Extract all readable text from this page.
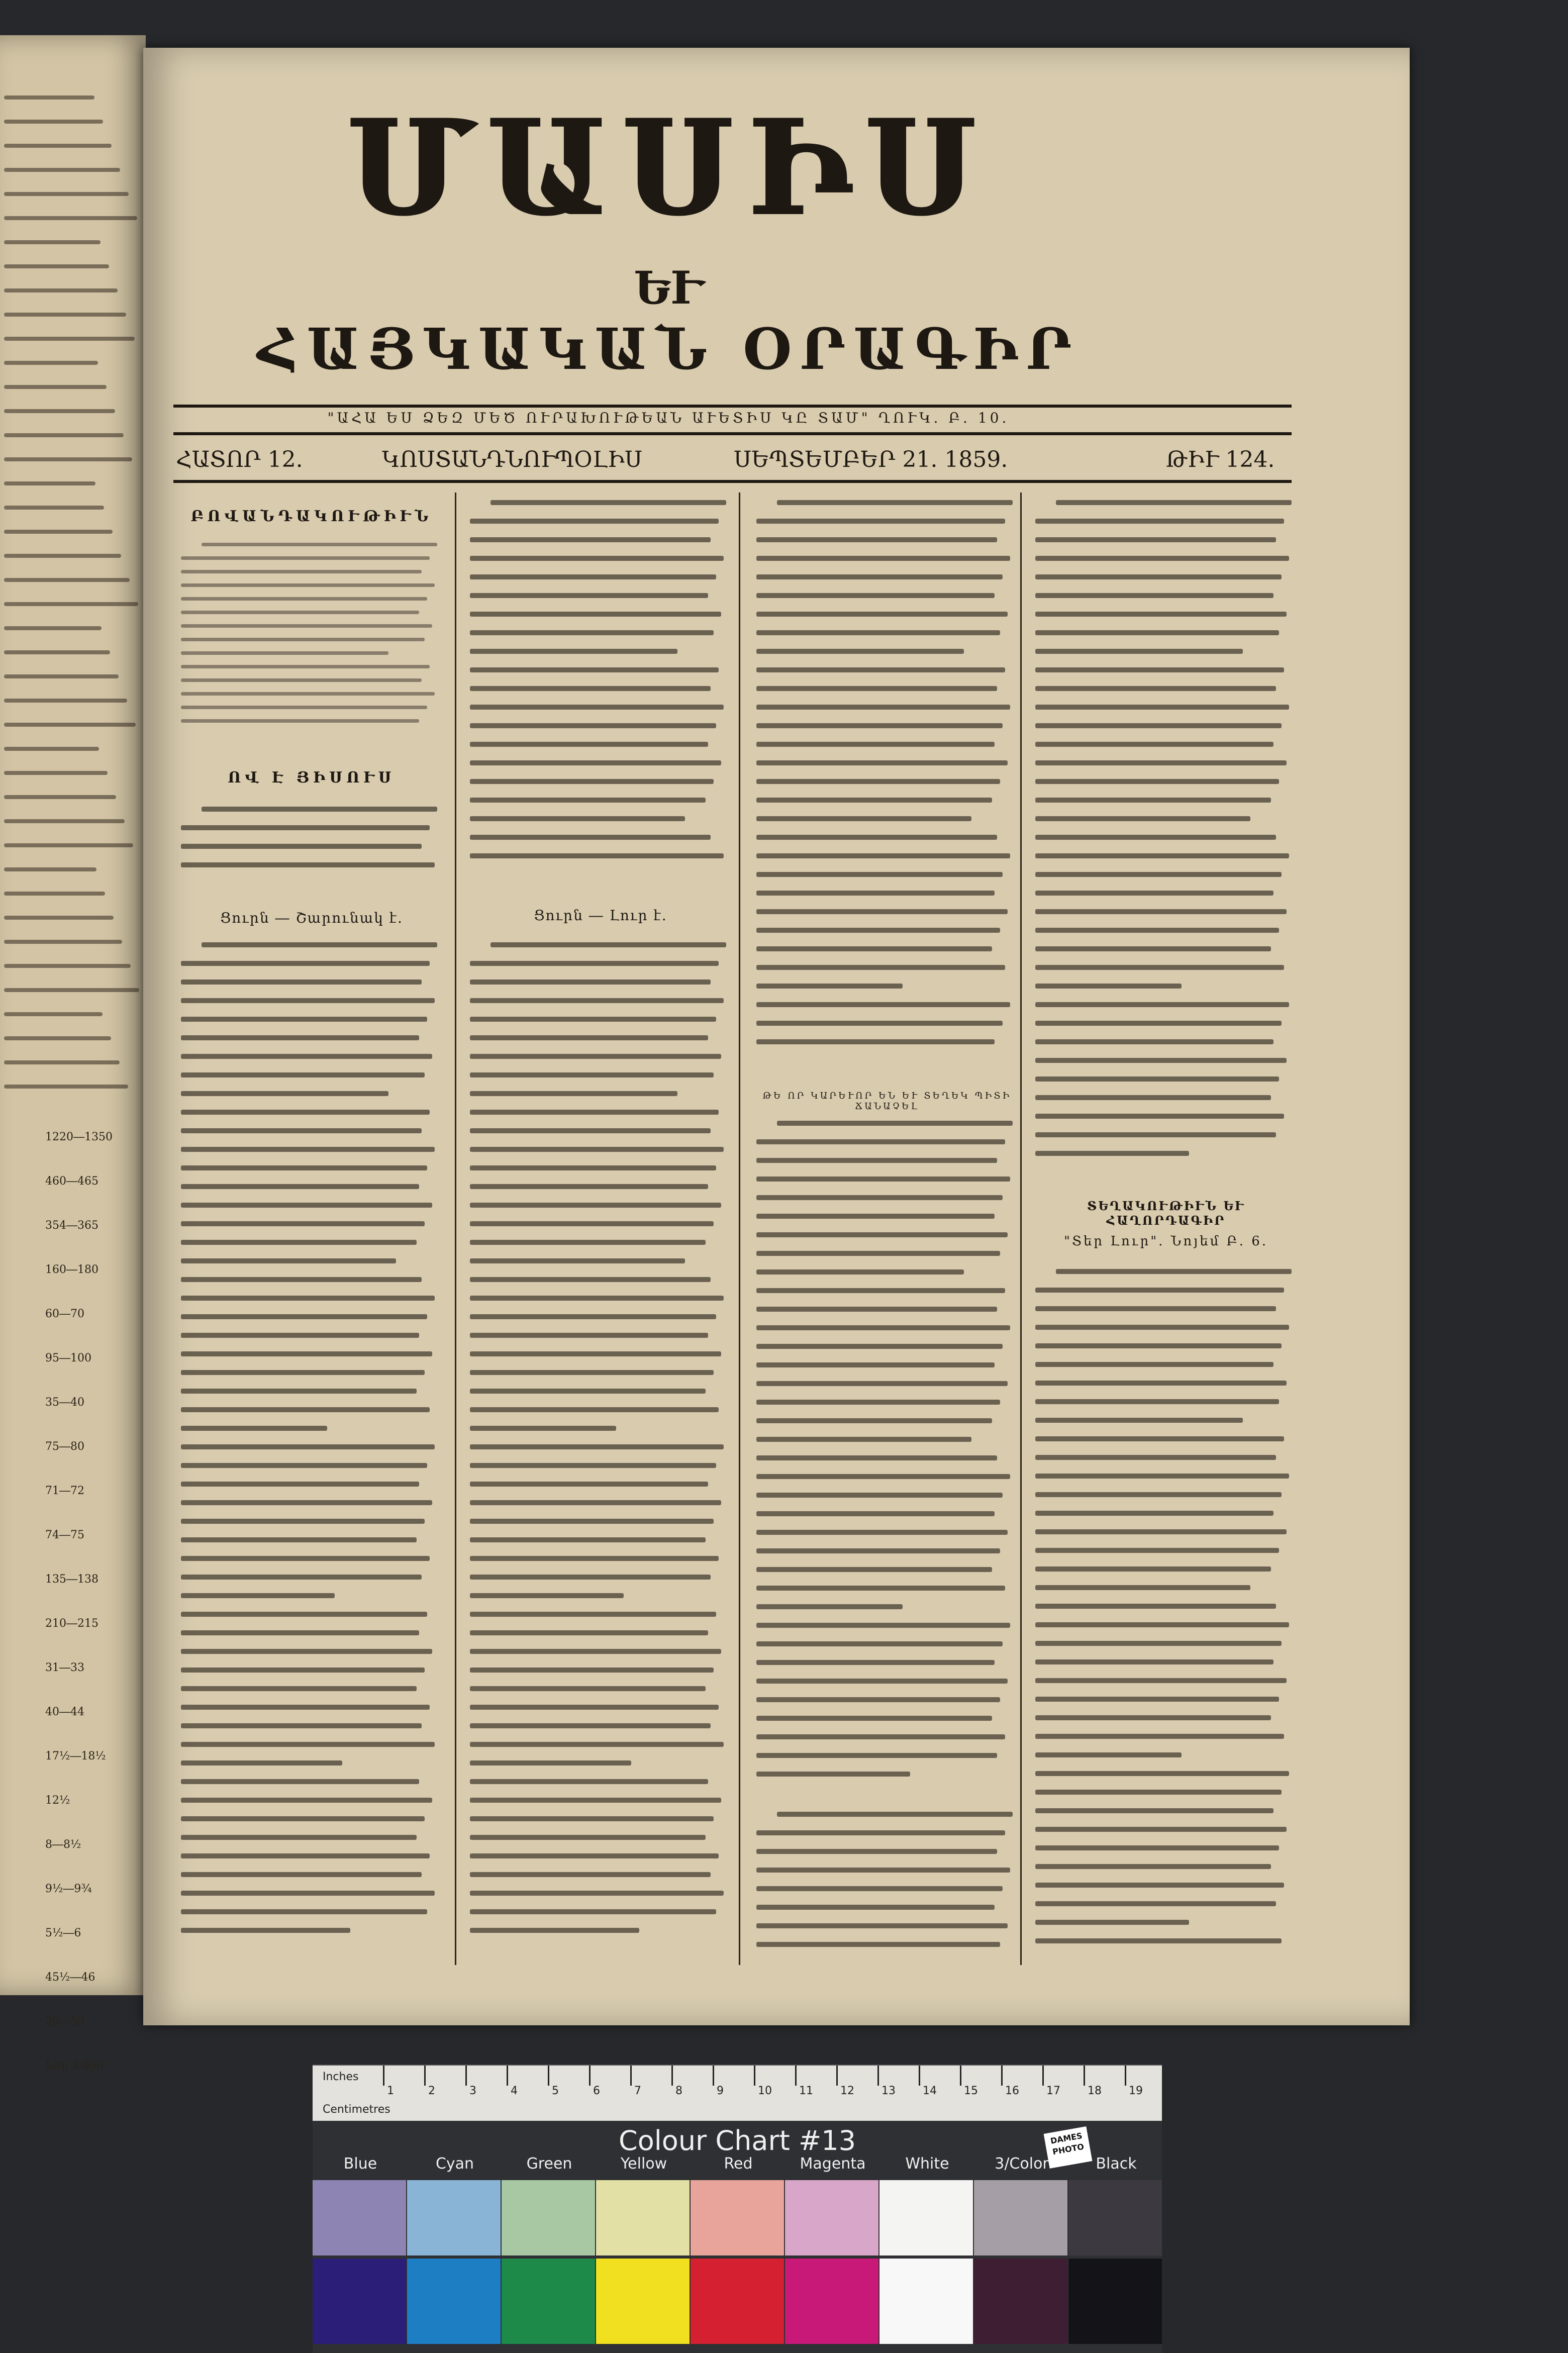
1220―1350
460―465
354―365
160―180
60―70
95―100
35―40
75―80
71―72
74―75
135―138
210―215
31―33
40―44
17½―18½
12½
8―8½
9½―9¾
5½―6
45½―46
20―50
Նոր 3.000
ՄԱՍԻՍ
ԵՒ
ՀԱՅԿԱԿԱՆ ՕՐԱԳԻՐ
"ԱՀԱ ԵՍ ՁԵԶ ՄԵԾ ՈՒՐԱԽՈՒԹԵԱՆ ԱՒԵՏԻՍ ԿԸ ՏԱՄ" ՂՈՒԿ. Բ. 10.
ՀԱՏՈՐ 12.	ԿՈՍՏԱՆԴՆՈՒՊՕԼԻՍ	ՍԵՊՏԵՄԲԵՐ 21. 1859.	ԹԻՒ 124.
ԲՈՎԱՆԴԱԿՈՒԹԻՒՆ
ՈՎ Է ՅԻՍՈՒՍ
Ցուրն ― Շարունակ է.	Ցուրն ― Լուր է.
ԹԵ ՈՐ ԿԱՐԵՒՈՐ ԵՆ ԵՒ ՏԵՂԵԿ ՊԻՏԻ ՃԱՆԱՉԵԼ
ՏԵՂԱԿՈՒԹԻՒՆ ԵՒ ՀԱՂՈՐԴԱԳԻՐ
"Տեր Լուր". Նոյեմ Բ. 6.
Inches
Centimetres
1	2	3	4	5	6	7	8	9	10 11 12 13 14 15 16 17 18 19
Colour Chart #13	DAMES PHOTO
Blue	Cyan	Green	Yellow	Red	Magenta	White	3/Color	Black
